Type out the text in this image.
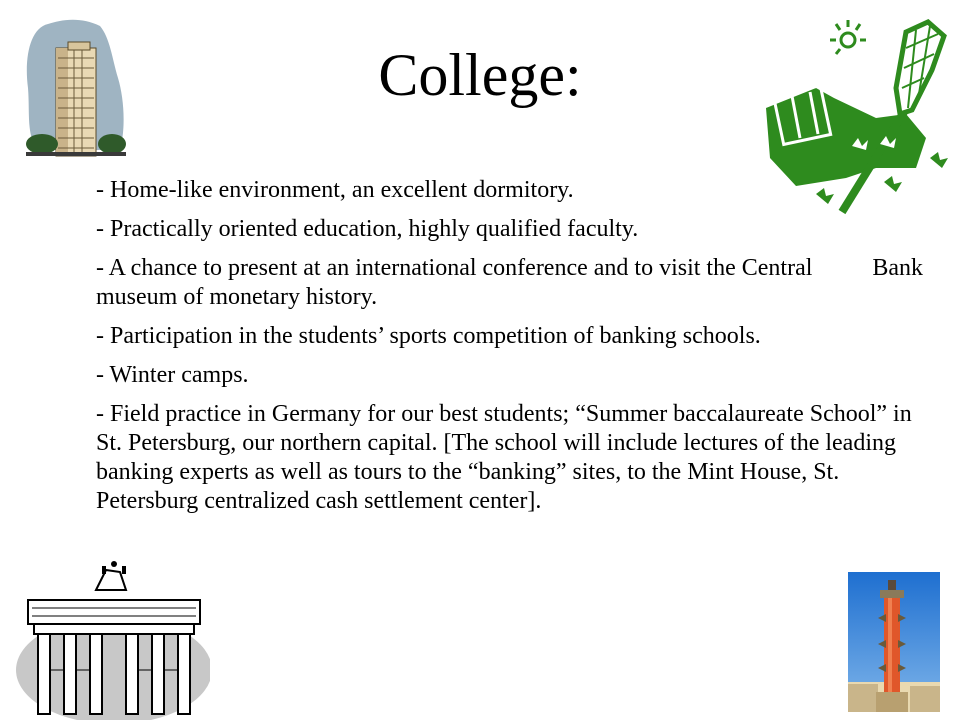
College:
- Home-like environment, an excellent dormitory.
- Practically oriented education, highly qualified faculty.
- A chance to present at an international conference and to visit the Central          Bank museum of monetary history.
- Participation in the students’ sports competition of banking schools.
- Winter camps.
- Field practice in Germany for our best students; “Summer baccalaureate School” in St. Petersburg, our northern capital. [The school will include lectures of the leading banking experts as well as tours to the “banking” sites, to the Mint House, St. Petersburg centralized cash settlement center].
